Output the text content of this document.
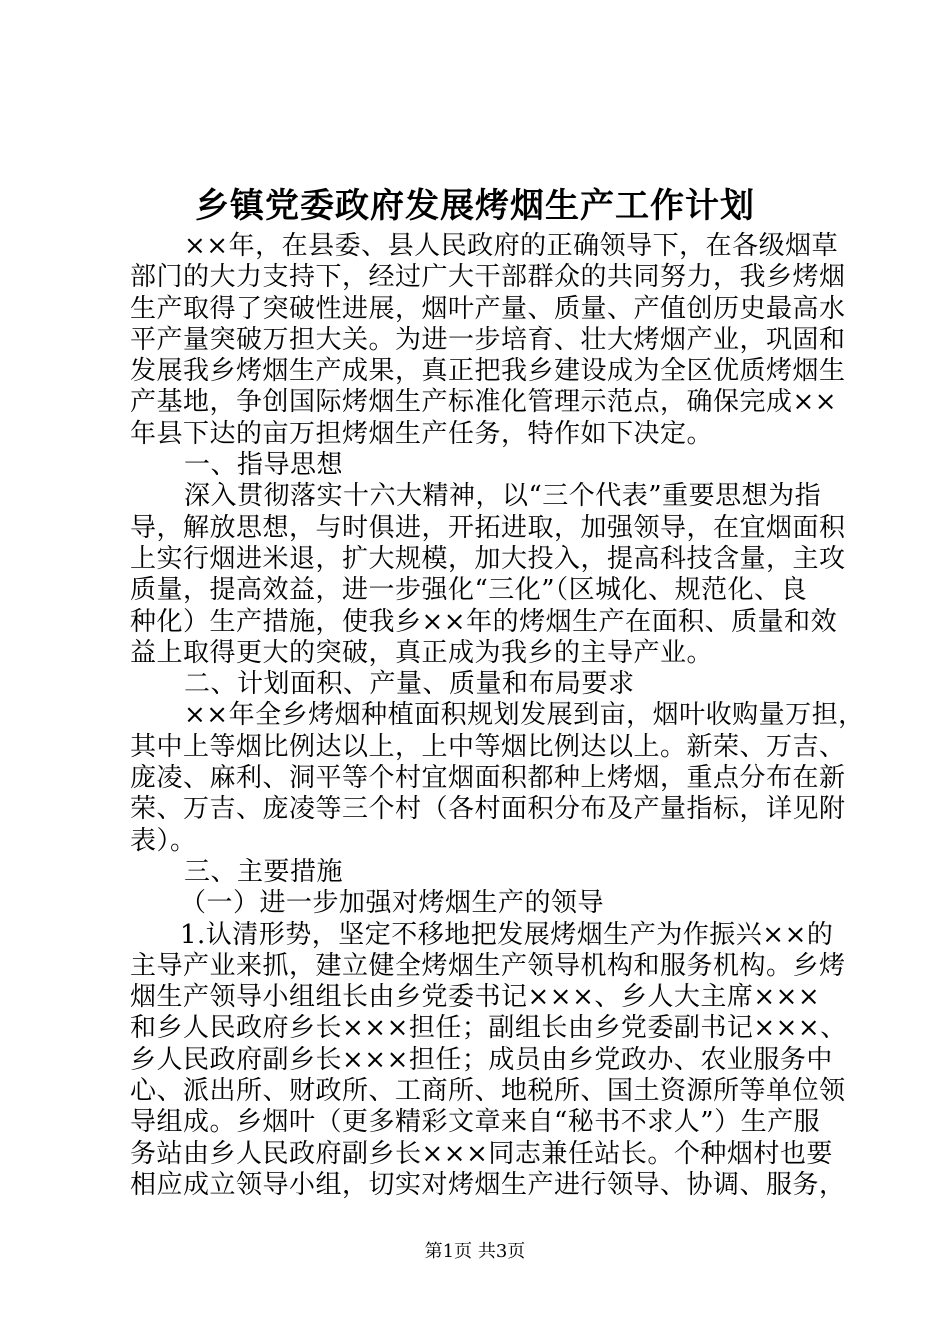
乡镇党委政府发展烤烟生产工作计划
××年，在县委、县人民政府的正确领导下，在各级烟草
部门的大力支持下，经过广大干部群众的共同努力，我乡烤烟
生产取得了突破性进展，烟叶产量、质量、产值创历史最高水
平产量突破万担大关。为进一步培育、壮大烤烟产业，巩固和
发展我乡烤烟生产成果，真正把我乡建设成为全区优质烤烟生
产基地，争创国际烤烟生产标准化管理示范点，确保完成××
年县下达的亩万担烤烟生产任务，特作如下决定。
一、指导思想
深入贯彻落实十六大精神，以“三个代表”重要思想为指
导，解放思想，与时俱进，开拓进取，加强领导，在宜烟面积
上实行烟进米退，扩大规模，加大投入，提高科技含量，主攻
质量，提高效益，进一步强化“三化”（区城化、规范化、良
种化）生产措施，使我乡××年的烤烟生产在面积、质量和效
益上取得更大的突破，真正成为我乡的主导产业。
二、计划面积、产量、质量和布局要求
××年全乡烤烟种植面积规划发展到亩，烟叶收购量万担，
其中上等烟比例达以上，上中等烟比例达以上。新荣、万吉、
庞凌、麻利、洞平等个村宜烟面积都种上烤烟，重点分布在新
荣、万吉、庞凌等三个村（各村面积分布及产量指标，详见附
表）。
三、主要措施
（一）进一步加强对烤烟生产的领导
1.认清形势，坚定不移地把发展烤烟生产为作振兴××的
主导产业来抓，建立健全烤烟生产领导机构和服务机构。乡烤
烟生产领导小组组长由乡党委书记×××、乡人大主席×××
和乡人民政府乡长×××担任；副组长由乡党委副书记×××、
乡人民政府副乡长×××担任；成员由乡党政办、农业服务中
心、派出所、财政所、工商所、地税所、国土资源所等单位领
导组成。乡烟叶（更多精彩文章来自“秘书不求人”）生产服
务站由乡人民政府副乡长×××同志兼任站长。个种烟村也要
相应成立领导小组，切实对烤烟生产进行领导、协调、服务，
第1页 共3页
